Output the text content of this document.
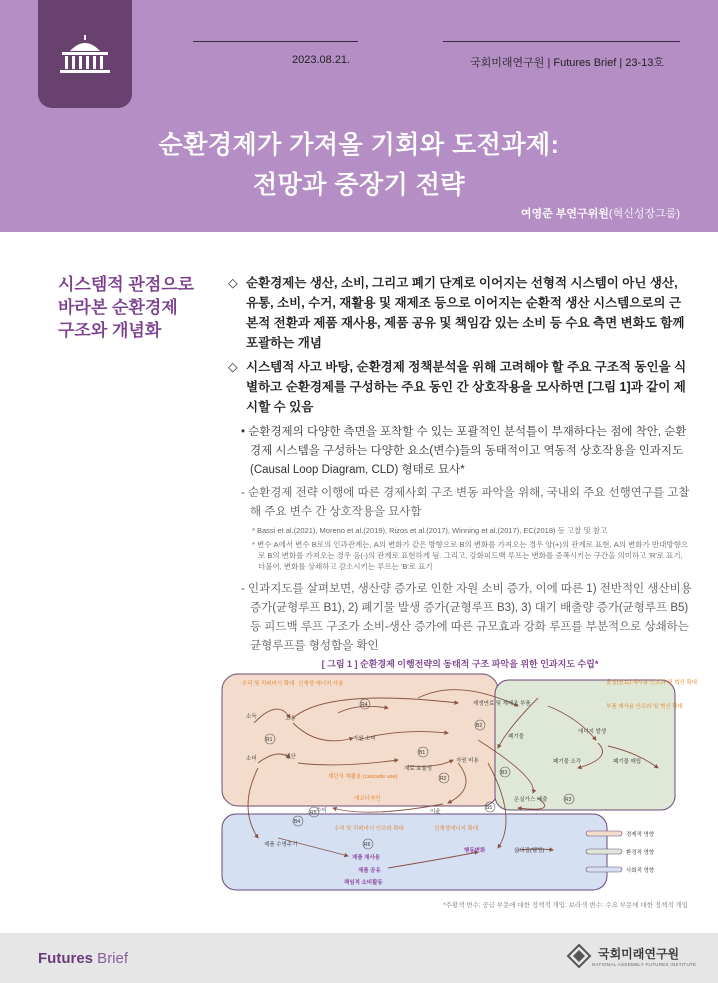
2023.08.21.	국회미래연구원 | Futures Brief | 23-13호
순환경제가 가져올 기회와 도전과제:
전망과 중장기 전략
여영준 부연구위원(혁신성장그룹)
시스템적 관점으로
바라본 순환경제
구조와 개념화
◇ 순환경제는 생산, 소비, 그리고 폐기 단계로 이어지는 선형적 시스템이 아닌 생산, 유통, 소비, 수거, 재활용 및 재제조 등으로 이어지는 순환적 생산 시스템으로의 근본적 전환과 제품 재사용, 제품 공유 및 책임감 있는 소비 등 수요 측면 변화도 함께 포괄하는 개념
◇ 시스템적 사고 바탕, 순환경제 정책분석을 위해 고려해야 할 주요 구조적 동인을 식별하고 순환경제를 구성하는 주요 동인 간 상호작용을 모사하면 [그림 1]과 같이 제시할 수 있음
• 순환경제의 다양한 측면을 포착할 수 있는 포괄적인 분석틀이 부재하다는 점에 착안, 순환경제 시스템을 구성하는 다양한 요소(변수)들의 동태적이고 역동적 상호작용을 인과지도(Causal Loop Diagram, CLD) 형태로 묘사*
- 순환경제 전략 이행에 따른 경제사회 구조 변동 파악을 위해, 국내외 주요 선행연구를 고찰해 주요 변수 간 상호작용을 묘사함
* Bassi et al.(2021), Moreno et al.(2019), Rizos et al.(2017), Winning et al.(2017), EC(2018) 등 고찰 및 참고
* 변수 A에서 변수 B로의 인과관계는, A의 변화가 같은 방향으로 B의 변화를 가져오는 경우 양(+)의 관계로 표현, A의 변화가 반대방향으로 B의 변화를 가져오는 경우 음(-)의 관계로 표현하게 됨. 그리고, 강화피드백 루프는 변화를 증폭시키는 구간을 의미하고 'R'로 표기, 더불어, 변화를 상쇄하고 감소시키는 루프는 'B'로 표기
- 인과지도를 살펴보면, 생산량 증가로 인한 자원 소비 증가, 이에 따른 1) 전반적인 생산비용 증가(균형루프 B1), 2) 폐기물 발생 증가(균형루프 B3), 3) 대기 배출량 증가(균형루프 B5) 등 피드백 루프 구조가 소비-생산 증가에 따른 규모효과 강화 루프를 부분적으로 상쇄하는 균형루프를 형성함을 확인
[ 그림 1 ] 순환경제 이행전략의 동태적 구조 파악을 위한 인과지도 수립*
수리 및 리퍼비시 확대 신재생 에너지 사용	물질(원료) 재사용 인프라 및 혁신 확대
부품 재사용 인프라 및 혁신 확대
재생연료 및 재제조 부품
소득	고용
자원 소비	폐기물
에너지 발생
소비	생산
재료 효율성
자원 비용	폐기물 소각	폐기물 매립
계단식 재활용 (cascade use)
에코디자인	온실가스 배출
수익	이윤
제품 수명주기
수리 및 리퍼비시 인프라 확대	신재생에너지 확대
제품 재사용
행동변화	삶의질(웰빙)
제품 공유
책임적 소비활동
R4
R1
B2
B1
R2
B3
R5
B4
B5
R3
R6
경제적 영향
환경적 영향
사회적 영향
*주황색 변수: 공급 부문에 대한 정책적 개입; 보라색 변수: 수요 부문에 대한 정책적 개입
Futures Brief	국회미래연구원
NATIONAL ASSEMBLY FUTURES INSTITUTE
